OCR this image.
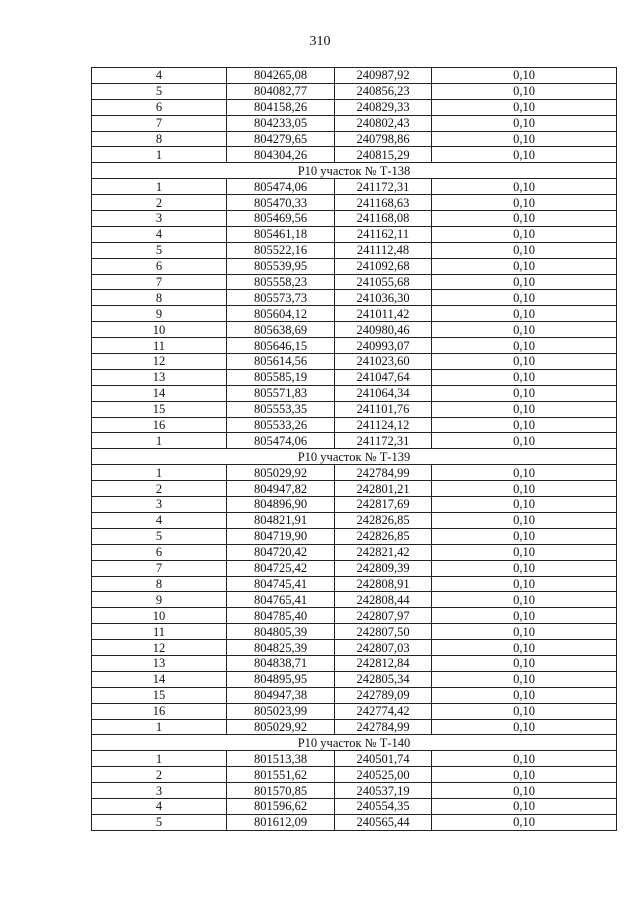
310
4	804265,08	240987,92	0,10
5	804082,77	240856,23	0,10
6	804158,26	240829,33	0,10
7	804233,05	240802,43	0,10
8	804279,65	240798,86	0,10
1	804304,26	240815,29	0,10
Р10 участок № Т-138			
1	805474,06	241172,31	0,10
2	805470,33	241168,63	0,10
3	805469,56	241168,08	0,10
4	805461,18	241162,11	0,10
5	805522,16	241112,48	0,10
6	805539,95	241092,68	0,10
7	805558,23	241055,68	0,10
8	805573,73	241036,30	0,10
9	805604,12	241011,42	0,10
10	805638,69	240980,46	0,10
11	805646,15	240993,07	0,10
12	805614,56	241023,60	0,10
13	805585,19	241047,64	0,10
14	805571,83	241064,34	0,10
15	805553,35	241101,76	0,10
16	805533,26	241124,12	0,10
1	805474,06	241172,31	0,10
Р10 участок № Т-139			
1	805029,92	242784,99	0,10
2	804947,82	242801,21	0,10
3	804896,90	242817,69	0,10
4	804821,91	242826,85	0,10
5	804719,90	242826,85	0,10
6	804720,42	242821,42	0,10
7	804725,42	242809,39	0,10
8	804745,41	242808,91	0,10
9	804765,41	242808,44	0,10
10	804785,40	242807,97	0,10
11	804805,39	242807,50	0,10
12	804825,39	242807,03	0,10
13	804838,71	242812,84	0,10
14	804895,95	242805,34	0,10
15	804947,38	242789,09	0,10
16	805023,99	242774,42	0,10
1	805029,92	242784,99	0,10
Р10 участок № Т-140			
1	801513,38	240501,74	0,10
2	801551,62	240525,00	0,10
3	801570,85	240537,19	0,10
4	801596,62	240554,35	0,10
5	801612,09	240565,44	0,10
